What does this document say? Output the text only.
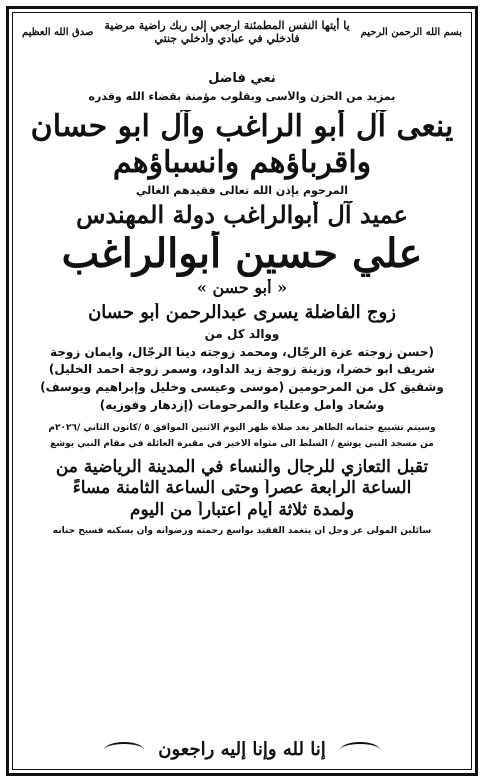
بسم الله الرحمن الرحيم
يا أيتها النفس المطمئنة ارجعي إلى ربك راضية مرضية فادخلي في عبادي وادخلي جنتي
صدق الله العظيم
نعي فاضل
بمزيد من الحزن والأسى وبقلوب مؤمنة بقضاء الله وقدره
ينعى آل أبو الراغب وآل ابو حسان
واقرباؤهم وانسباؤهم
المرحوم بإذن الله تعالى فقيدهم الغالي
عميد آل أبوالراغب دولة المهندس
علي حسين أبوالراغب
« أبو حسن »
زوج الفاضلة يسرى عبدالرحمن أبو حسان
ووالد كل من
(حسن زوجته عزة الرجّال، ومحمد زوجته دينا الرجّال، وايمان زوجة
شريف ابو خضرا، وزينة زوجة زيد الداود، وسمر زوجة احمد الخليل)
وشقيق كل من المرحومين (موسى وعيسى وخليل وإبراهيم ويوسف)
وسُعاد وأمل وعلياء والمرحومات (إزدهار وفوزيه)
وسيتم تشييع جثمانه الطاهر بعد صلاة ظهر اليوم الاثنين الموافق ٥ /كانون الثاني /٢٠٢٦م
من مسجد النبي يوشع / السلط الى مثواه الأخير في مقبرة العائلة في مقام النبي يوشع
تقبل التعازي للرجال والنساء في المدينة الرياضية من
الساعة الرابعة عصراً وحتى الساعة الثامنة مساءً
ولمدة ثلاثة أيام اعتباراً من اليوم
سائلين المولى عز وجل أن يتغمد الفقيد بواسع رحمته ورضوانه وأن يسكنه فسيح جنانه
إنا لله وإنا إليه راجعون
